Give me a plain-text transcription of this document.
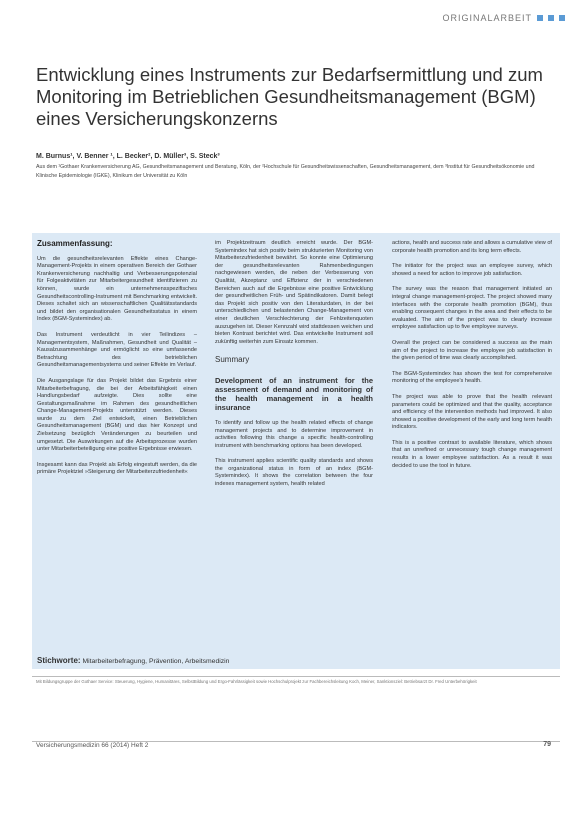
ORIGINALARBEIT
Entwicklung eines Instruments zur Bedarfsermittlung und zum Monitoring im Betrieblichen Gesundheitsmanagement (BGM) eines Versicherungskonzerns
M. Burnus¹, V. Benner ¹, L. Becker², D. Müller³, S. Steck³
Aus dem ¹Gothaer Krankenversicherung AG, Gesundheitsmanagement und Beratung, Köln, der ²Hochschule für Gesundheitswissenschaften, Gesundheitsmanagement, dem ³Institut für Gesundheitsökonomie und Klinische Epidemiologie (IGKE), Klinikum der Universität zu Köln
Zusammenfassung:

Um die gesundheitsrelevanten Effekte eines Change-Management-Projekts in einem operativen Bereich der Gothaer Krankenversicherung nachhaltig und Verbesserungspotenzial für Folgeaktivitäten zur Mitarbeitergesundheit identifizieren zu können, wurde ein unternehmensspezifisches Gesundheitscontrolling-Instrument mit Benchmarking entwickelt. Dieses schaltet sich an wissenschaftlichen Qualitätsstandards und bildet den organisationalen Gesundheitsstatus in einem Index (BGM-Systemindex) ab.

Das Instrument verdeutlicht in vier Teilindizes – Managementsystem, Maßnahmen, Gesundheit und Qualität – Kausalzusammenhänge und ermöglicht so eine umfassende Betrachtung des betrieblichen Gesundheitsmanagementsystems und seiner Effekte im Verlauf.

Die Ausgangslage für das Projekt bildet das Ergebnis einer Mitarbeiterbefragung, die bei der Arbeitsfähigkeit einen Handlungsbedarf aufzeigte. Dies sollte eine Gestaltungsmaßnahme im Rahmen des gesundheitlichen Change-Management-Projekts unterstützt werden. Dieses wurde zu dem Ziel entwickelt, einen Betrieblichen Gesundheitsmanagement (BGM) und das hier Konzept und Zielsetzung bezüglich Veränderungen zu beurteilen und umgesetzt. Die Auswirkungen auf die Arbeitsprozesse wurden unter Mitarbeiterbeteiligung eine positive Ergebnisse erwiesen.

Insgesamt kann das Projekt als Erfolg eingestuft werden, da die primäre Projektziel »Steigerung der Mitarbeiterzufriedenheit«

im Projektzeitraum deutlich erreicht wurde. Der BGM-Systemindex hat sich positiv beim strukturierten Monitoring von Mitarbeiterzufriedenheit bewährt. So konnte eine Optimierung der gesundheitsrelevanten Rahmenbedingungen nachgewiesen werden, die neben der Verbesserung von Qualität, Akzeptanz und Effizienz der in verschiedenen Bereichen auch auf die Ergebnisse eine positive Entwicklung der gesundheitlichen Früh- und Spätindikatoren. Damit belegt das Projekt sich positiv von den Literaturdaten, in der bei unterschiedlichen und belastenden Change-Management von einer deutlichen Verschlechterung der Fehlzeitenquoten auszugehen ist. Dieser Kennzahl wird stattdessen weichen und bieten Kontrast berichtet wird. Das entwickelte Instrument soll zukünftig weiterhin zum Einsatz kommen.

Summary
Development of an instrument for the assessment of demand and monitoring of the health management in a health insurance

To identify and follow up the health related effects of change management projects and to determine improvement in activities following this change a specific health-controlling instrument with benchmarking options has been developed.

This instrument applies scientific quality standards and shows the organizational status in form of an index (BGM-Systemindex). It shows the correlation between the four indexes management system, health related

actions, health and success rate and allows a cumulative view of corporate health promotion and its long term effects.

The initiator for the project was an employee survey, which showed a need for action to improve job satisfaction.

The survey was the reason that management initiated an integral change management-project. The project showed many interfaces with the corporate health promotion (BGM), thus enabling consequent changes in the area and their effects to be evaluated. The aim of the project was to clearly increase employee satisfaction up to five employee surveys.

Overall the project can be considered a success as the main aim of the project to increase the employee job satisfaction in the given period of time was clearly accomplished.

The BGM-Systemindex has shown the test for comprehensive monitoring of the employee's health.

The project was able to prove that the health relevant parameters could be optimized and that the quality, acceptance and efficiency of the intervention methods had improved. It also showed a positive development of the early and long term health indicators.

This is a positive contrast to available literature, which shows that an unrefined or unnecessary tough change management results in a lower employee satisfaction. As a result it was decided to use the tool in future.

Stichworte: Mitarbeiterbefragung, Prävention, Arbeitsmedizin
Mit Bildungsgruppe der Gothaer Service: Steuerung, Hygiene, Humanitäres, SelbstBildung und Ergo-Fahrlässigkeit sowie Hochschulprojekt zur Fachbereichsleitung Koch, Meiner, Sanktionsziel: Betriebsarzt Dr. Fred Unterbehörigkeit
Versicherungsmedizin 66 (2014) Heft 2	79
